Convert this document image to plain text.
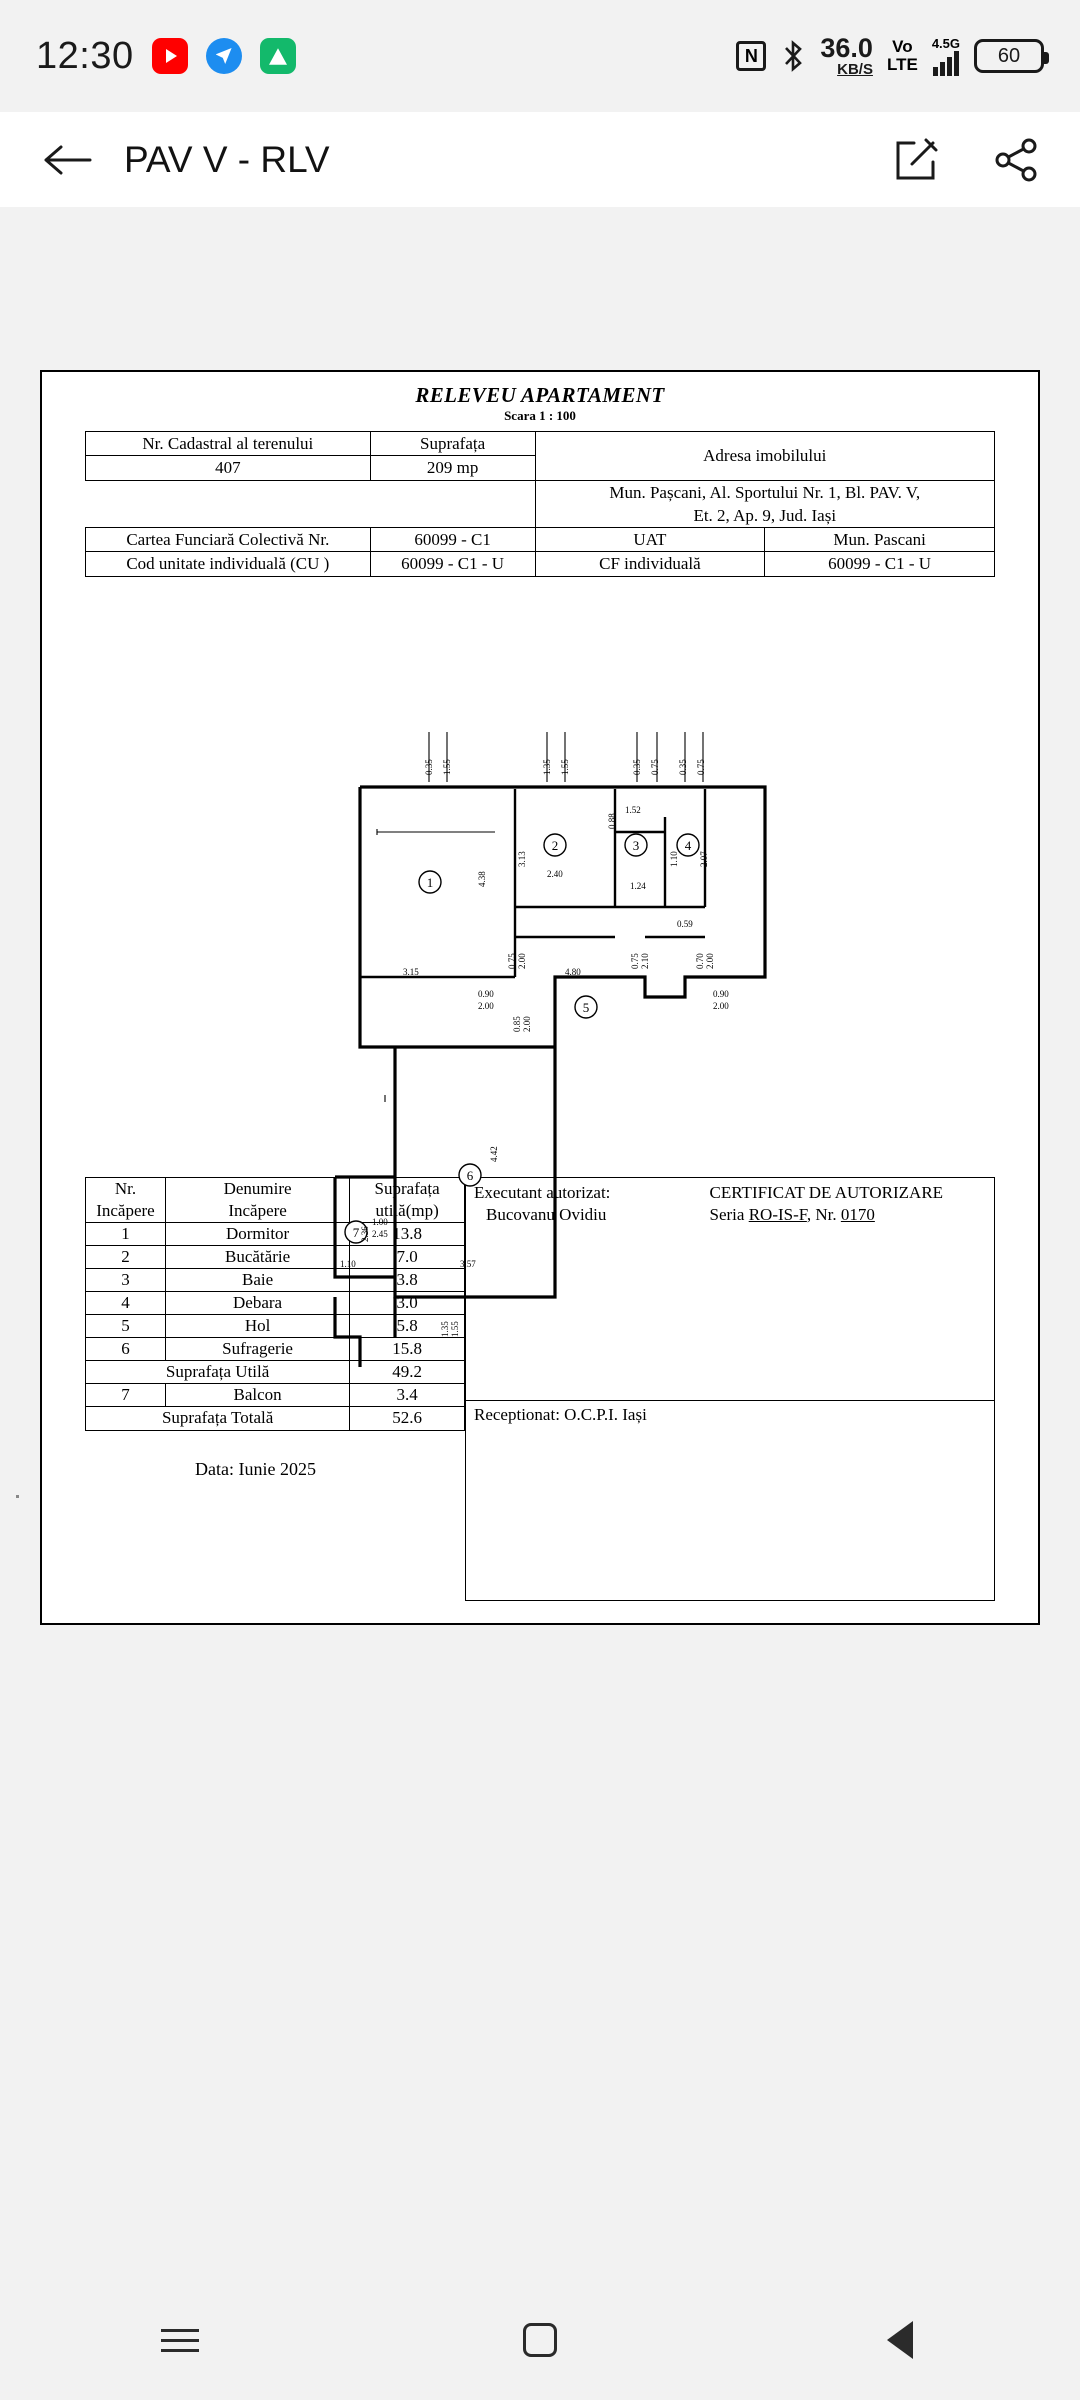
12:30	N	36.0
KB/S
Vo
LTE
4.5G
60
PAV V - RLV
RELEVEU APARTAMENT
Scara 1 : 100
Nr. Cadastral al terenului	Suprafața	Adresa imobilului
407	209 mp
		Mun. Pașcani, Al. Sportului Nr. 1, Bl. PAV. V,
Et. 2, Ap. 9, Jud. Iași
Cartea Funciară Colectivă Nr.	60099 - C1		UAT	Mun. Pascani

Cod unitate individuală (CU )	60099 - C1 - U		CF individuală	60099 - C1 - U
1
2	3	4
5
6
7
0.35 1.55	1.35 1.55	0.35 0.75 0.35 0.75
1.52
0.88
3.13
4.38	2.40
1.24
1.10 2.07
0.59
0.75 2.00
3.15	4.80
0.75 2.10	0.70 2.00
0.90
2.00
0.90
2.00
0.85 2.00
4.42
1.00
2.45
2.36
1.10	3.57
1.35 1.55
Nr.
Incăpere

Denumire
Incăpere

Suprafața
utilă(mp)

1	Dormitor	13.8
2	Bucătărie	7.0
3	Baie	3.8
4	Debara	3.0
5	Hol	5.8
6	Sufragerie	15.8
Suprafața Utilă		49.2
7	Balcon	3.4
Suprafața Totală		52.6
Data: Iunie 2025
Executant autorizat:
Bucovanu Ovidiu
CERTIFICAT DE AUTORIZARE
Seria RO-IS-F, Nr. 0170
Receptionat: O.C.P.I. Iași
